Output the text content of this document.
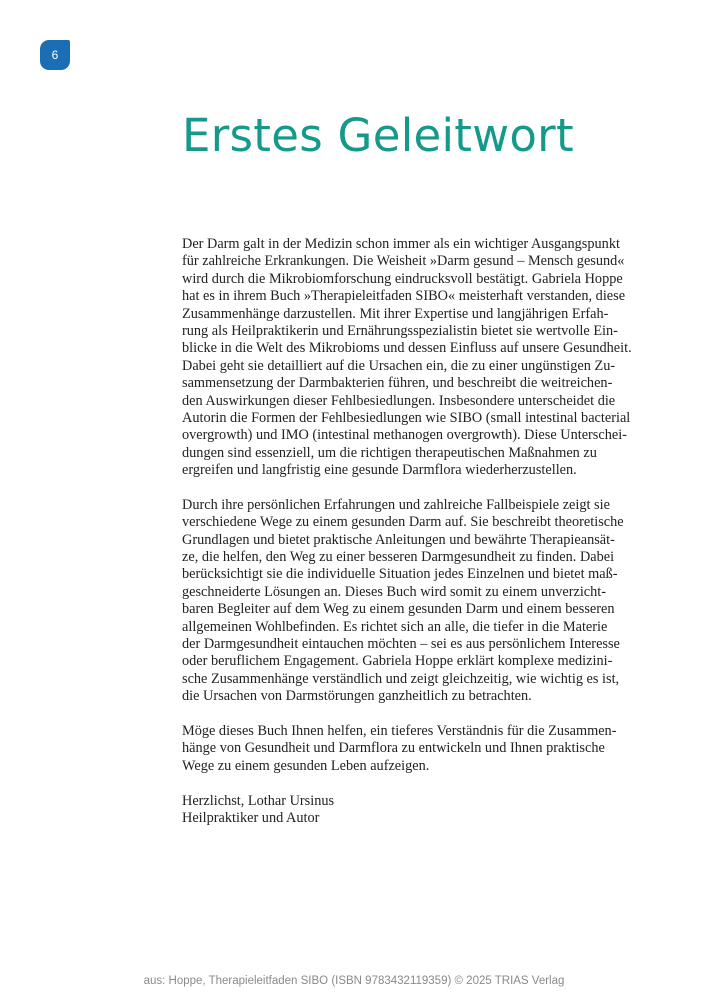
6
Erstes Geleitwort

Der Darm galt in der Medizin schon immer als ein wichtiger Ausgangspunkt
für zahlreiche Erkrankungen. Die Weisheit »Darm gesund – Mensch gesund«
wird durch die Mikrobiomforschung eindrucksvoll bestätigt. Gabriela Hoppe
hat es in ihrem Buch »Therapieleitfaden SIBO« meisterhaft verstanden, diese
Zusammenhänge darzustellen. Mit ihrer Expertise und langjährigen Erfah-
rung als Heilpraktikerin und Ernährungsspezialistin bietet sie wertvolle Ein-
blicke in die Welt des Mikrobioms und dessen Einfluss auf unsere Gesundheit.
Dabei geht sie detailliert auf die Ursachen ein, die zu einer ungünstigen Zu-
sammensetzung der Darmbakterien führen, und beschreibt die weitreichen-
den Auswirkungen dieser Fehlbesiedlungen. Insbesondere unterscheidet die
Autorin die Formen der Fehlbesiedlungen wie SIBO (small intestinal bacterial
overgrowth) und IMO (intestinal methanogen overgrowth). Diese Unterschei-
dungen sind essenziell, um die richtigen therapeutischen Maßnahmen zu
ergreifen und langfristig eine gesunde Darmflora wiederherzustellen.

Durch ihre persönlichen Erfahrungen und zahlreiche Fallbeispiele zeigt sie
verschiedene Wege zu einem gesunden Darm auf. Sie beschreibt theoretische
Grundlagen und bietet praktische Anleitungen und bewährte Therapieansät-
ze, die helfen, den Weg zu einer besseren Darmgesundheit zu finden. Dabei
berücksichtigt sie die individuelle Situation jedes Einzelnen und bietet maß-
geschneiderte Lösungen an. Dieses Buch wird somit zu einem unverzicht-
baren Begleiter auf dem Weg zu einem gesunden Darm und einem besseren
allgemeinen Wohlbefinden. Es richtet sich an alle, die tiefer in die Materie
der Darmgesundheit eintauchen möchten – sei es aus persönlichem Interesse
oder beruflichem Engagement. Gabriela Hoppe erklärt komplexe medizini-
sche Zusammenhänge verständlich und zeigt gleichzeitig, wie wichtig es ist,
die Ursachen von Darmstörungen ganzheitlich zu betrachten.

Möge dieses Buch Ihnen helfen, ein tieferes Verständnis für die Zusammen-
hänge von Gesundheit und Darmflora zu entwickeln und Ihnen praktische
Wege zu einem gesunden Leben aufzeigen.

Herzlichst, Lothar Ursinus
Heilpraktiker und Autor

aus: Hoppe, Therapieleitfaden SIBO (ISBN 9783432119359) © 2025 TRIAS Verlag
